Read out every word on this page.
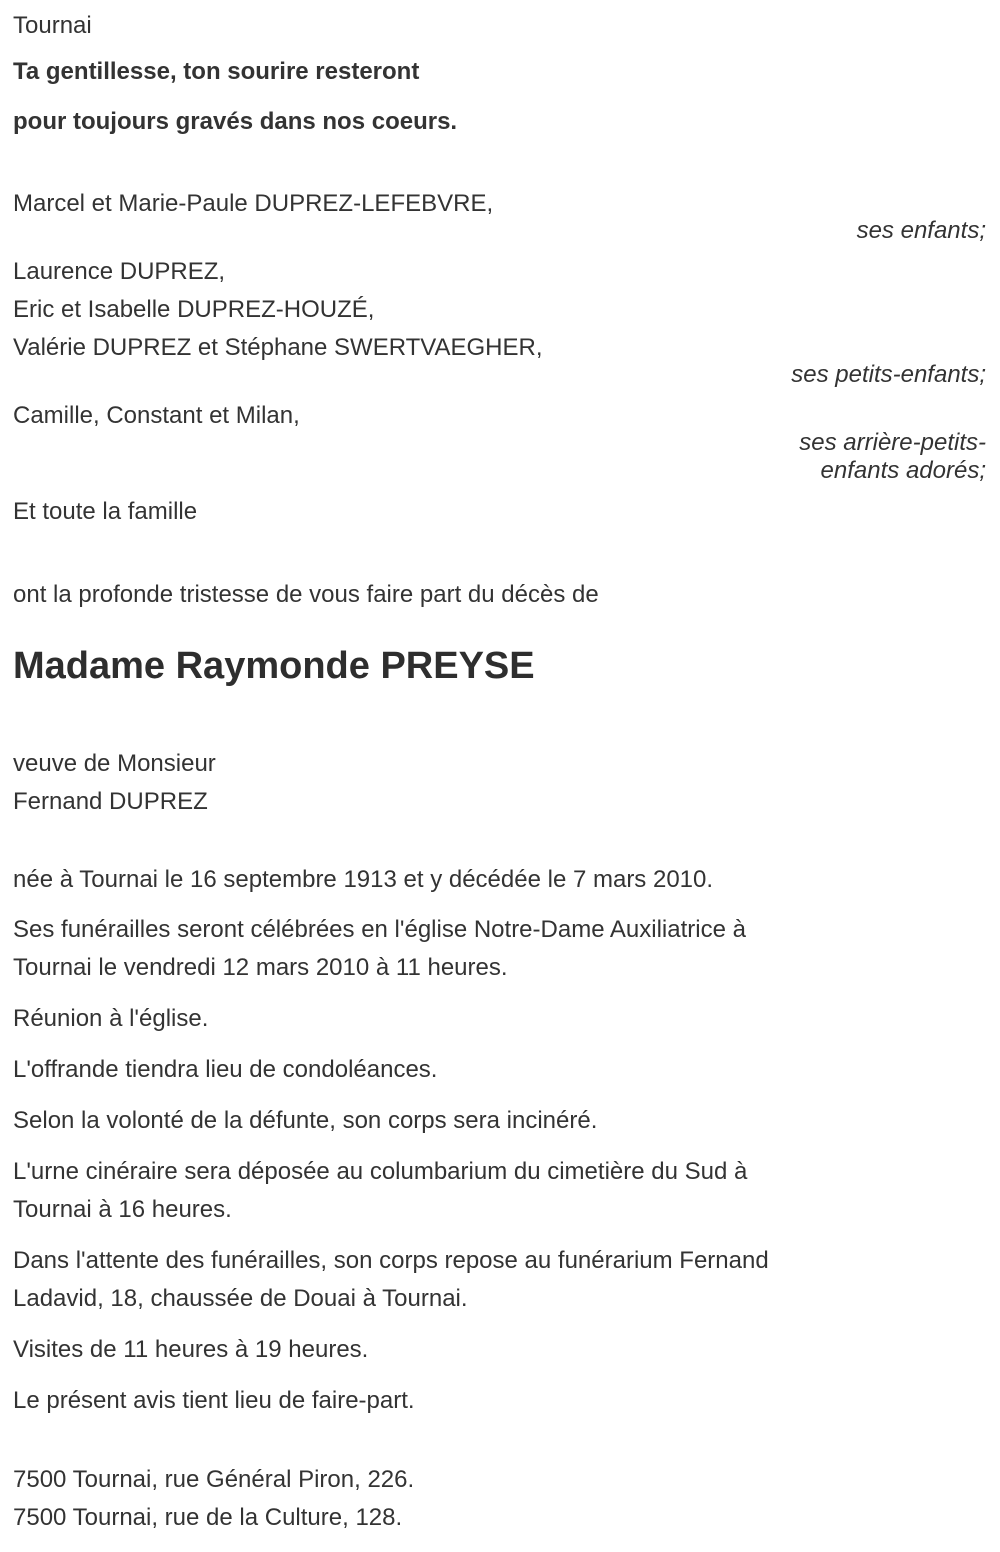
Tournai

Ta gentillesse, ton sourire resteront

pour toujours gravés dans nos coeurs.

Marcel et Marie-Paule DUPREZ-LEFEBVRE,

ses enfants;

Laurence DUPREZ,

Eric et Isabelle DUPREZ-HOUZÉ,

Valérie DUPREZ et Stéphane SWERTVAEGHER,

ses petits-enfants;

Camille, Constant et Milan,

ses arrière-petits-
enfants adorés;

Et toute la famille

ont la profonde tristesse de vous faire part du décès de

Madame Raymonde PREYSE

veuve de Monsieur
Fernand DUPREZ

née à Tournai le 16 septembre 1913 et y décédée le 7 mars 2010.

Ses funérailles seront célébrées en l'église Notre-Dame Auxiliatrice à
Tournai le vendredi 12 mars 2010 à 11 heures.

Réunion à l'église.

L'offrande tiendra lieu de condoléances.

Selon la volonté de la défunte, son corps sera incinéré.

L'urne cinéraire sera déposée au columbarium du cimetière du Sud à
Tournai à 16 heures.

Dans l'attente des funérailles, son corps repose au funérarium Fernand
Ladavid, 18, chaussée de Douai à Tournai.

Visites de 11 heures à 19 heures.

Le présent avis tient lieu de faire-part.

7500 Tournai, rue Général Piron, 226.
7500 Tournai, rue de la Culture, 128.
